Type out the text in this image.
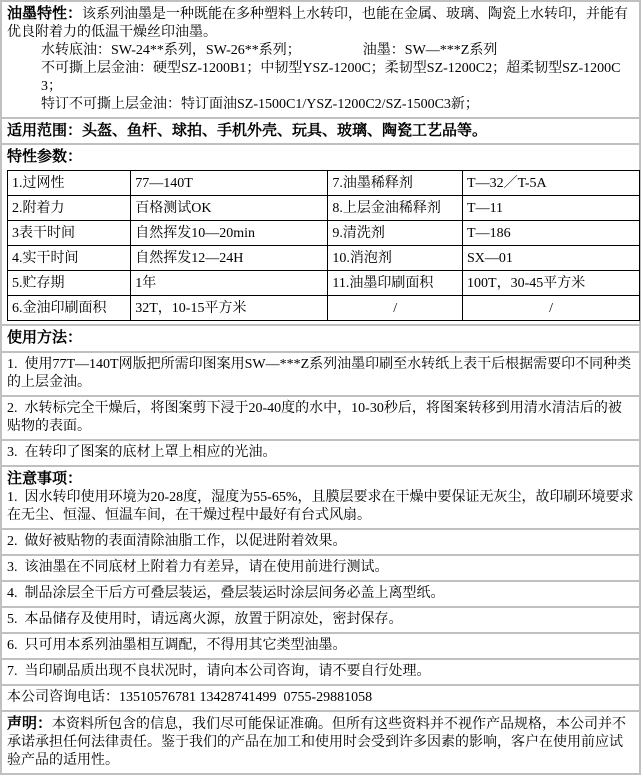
油墨特性：该系列油墨是一种既能在多种塑料上水转印，也能在金属、玻璃、陶瓷上水转印，并能有优良附着力的低温干燥丝印油墨。

水转底油：SW-24**系列，SW-26**系列；	油墨：SW—***Z系列

不可撕上层金油：硬型SZ-1200B1；中韧型YSZ-1200C；柔韧型SZ-1200C2；超柔韧型SZ-1200C3；

特订不可撕上层金油：特订面油SZ-1500C1/YSZ-1200C2/SZ-1500C3新；

适用范围：头盔、鱼杆、球拍、手机外壳、玩具、玻璃、陶瓷工艺品等。

特性参数：

1.过网性	77—140T	7.油墨稀释剂	T—32／T-5A
2.附着力	百格测试OK	8.上层金油稀释剂	T—11
3表干时间	自然挥发10—20min	9.清洗剂	T—186
4.实干时间	自然挥发12—24H	10.消泡剂	SX—01
5.贮存期	1年	11.油墨印刷面积	100T，30-45平方米
6.金油印刷面积	32T，10-15平方米	/	/

使用方法：

1.  使用77T—140T网版把所需印图案用SW—***Z系列油墨印刷至水转纸上表干后根据需要印不同种类的上层金油。

2.  水转标完全干燥后，将图案剪下浸于20-40度的水中，10-30秒后，将图案转移到用清水清洁后的被贴物的表面。

3.  在转印了图案的底材上罩上相应的光油。

注意事项：

1.  因水转印使用环境为20-28度，湿度为55-65%，且膜层要求在干燥中要保证无灰尘，故印刷环境要求在无尘、恒湿、恒温车间，在干燥过程中最好有台式风扇。

2.  做好被贴物的表面清除油脂工作，以促进附着效果。

3.  该油墨在不同底材上附着力有差异，请在使用前进行测试。

4.  制品涂层全干后方可叠层装运，叠层装运时涂层间务必盖上离型纸。

5.  本品储存及使用时，请远离火源，放置于阴凉处，密封保存。

6.  只可用本系列油墨相互调配，不得用其它类型油墨。

7.  当印刷品质出现不良状况时，请向本公司咨询，请不要自行处理。

本公司咨询电话：13510576781 13428741499  0755-29881058

声明：本资料所包含的信息，我们尽可能保证准确。但所有这些资料并不视作产品规格，本公司并不承诺承担任何法律责任。鉴于我们的产品在加工和使用时会受到许多因素的影响，客户在使用前应试验产品的适用性。
